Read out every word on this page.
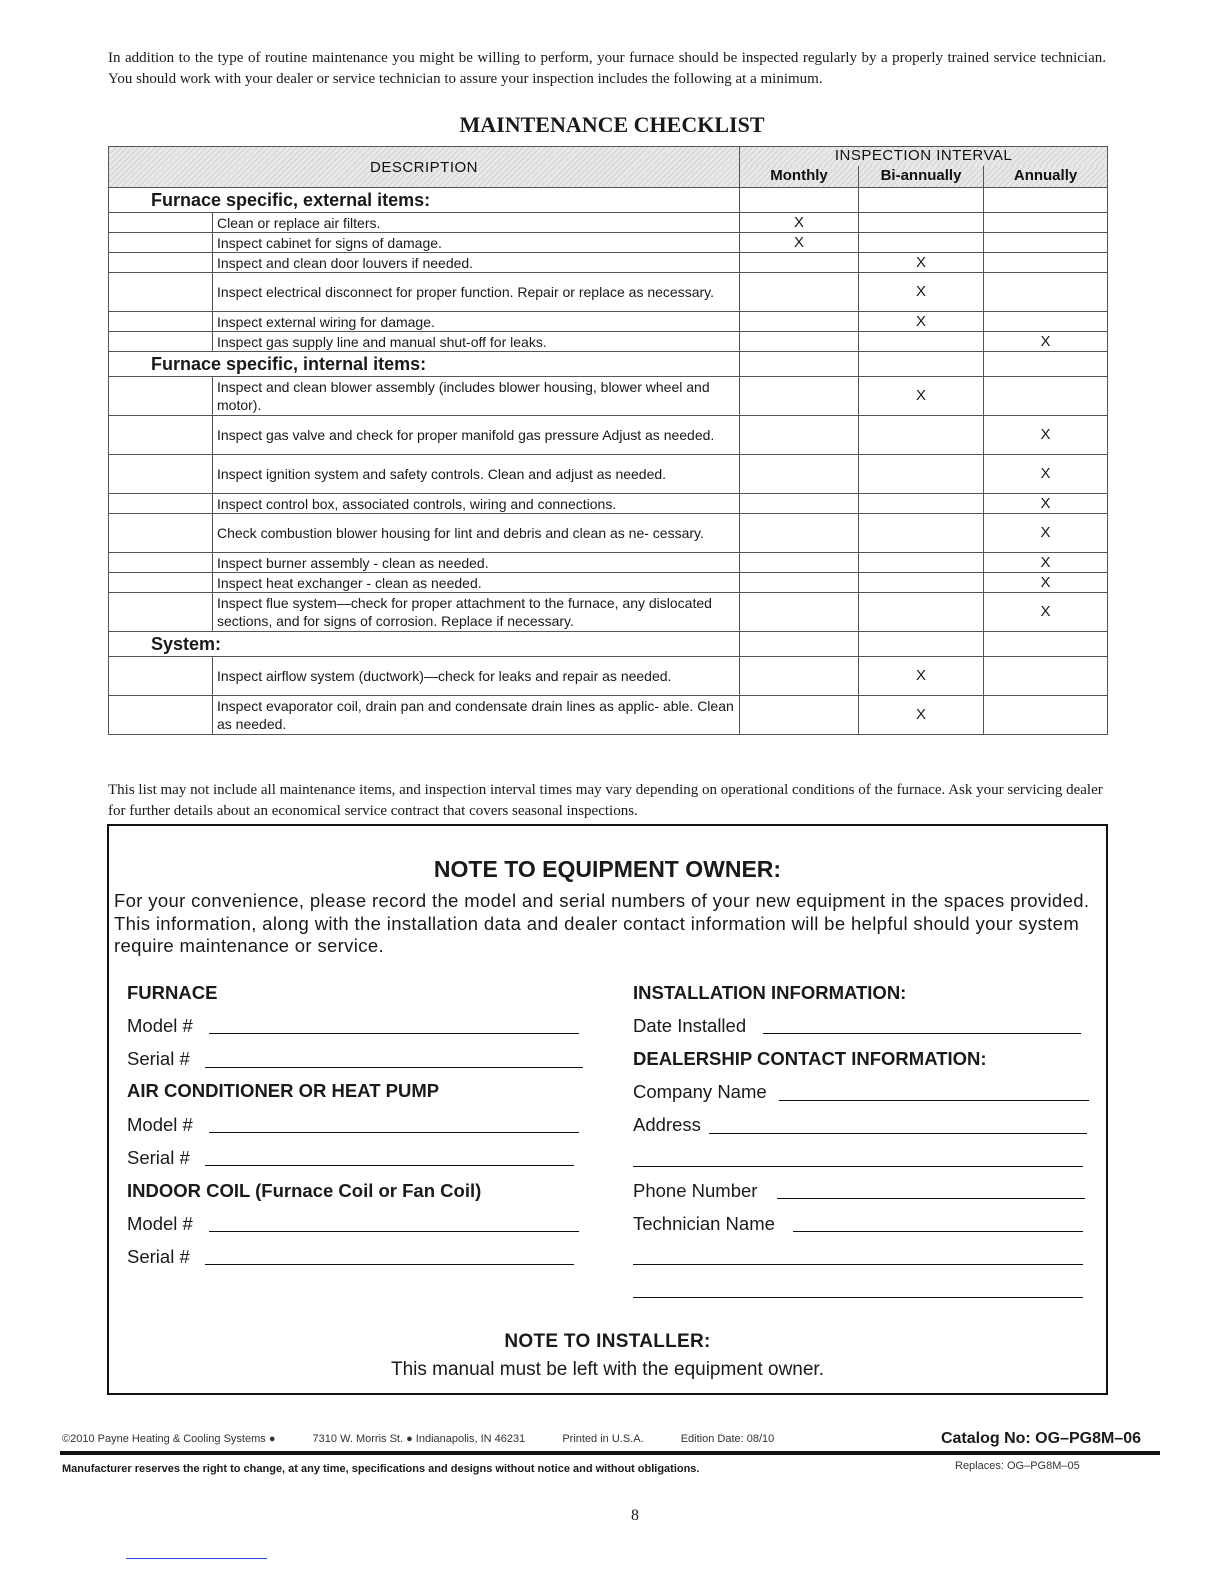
In addition to the type of routine maintenance you might be willing to perform, your furnace should be inspected regularly by a properly trained service technician. You should work with your dealer or service technician to assure your inspection includes the following at a minimum.
MAINTENANCE CHECKLIST
DESCRIPTION		INSPECTION INTERVAL		
		Monthly	Bi-annually	Annually
Furnace specific, external items:				
	Clean or replace air filters.	X		
	Inspect cabinet for signs of damage.	X		
	Inspect and clean door louvers if needed.		X	
	Inspect electrical disconnect for proper function. Repair or replace as necessary.		X	
	Inspect external wiring for damage.		X	
	Inspect gas supply line and manual shut-off for leaks.			X
Furnace specific, internal items:				
	Inspect and clean blower assembly (includes blower housing, blower wheel and motor).		X	
	Inspect gas valve and check for proper manifold gas pressure Adjust as needed.			X
	Inspect ignition system and safety controls. Clean and adjust as needed.			X
	Inspect control box, associated controls, wiring and connections.			X
	Check combustion blower housing for lint and debris and clean as ne- cessary.			X
	Inspect burner assembly - clean as needed.			X
	Inspect heat exchanger - clean as needed.			X
	Inspect flue system—check for proper attachment to the furnace, any dislocated sections, and for signs of corrosion. Replace if necessary.			X
System:				
	Inspect airflow system (ductwork)—check for leaks and repair as needed.		X	
	Inspect evaporator coil, drain pan and condensate drain lines as applic- able. Clean as needed.		X	
This list may not include all maintenance items, and inspection interval times may vary depending on operational conditions of the furnace. Ask your servicing dealer for further details about an economical service contract that covers seasonal inspections.
NOTE TO EQUIPMENT OWNER:
For your convenience, please record the model and serial numbers of your new equipment in the spaces provided. This information, along with the installation data and dealer contact information will be helpful should your system require maintenance or service.
FURNACE
Model #
Serial #
AIR CONDITIONER OR HEAT PUMP
Model #
Serial #
INDOOR COIL (Furnace Coil or Fan Coil)
Model #
Serial #
INSTALLATION INFORMATION:
Date Installed
DEALERSHIP CONTACT INFORMATION:
Company Name
Address
Phone Number
Technician Name
NOTE TO INSTALLER:
This manual must be left with the equipment owner.
©2010 Payne Heating & Cooling Systems ●	7310 W. Morris St. ● Indianapolis, IN 46231	Printed in U.S.A.	Edition Date: 08/10	Catalog No: OG–PG8M–06
Manufacturer reserves the right to change, at any time, specifications and designs without notice and without obligations.	Replaces: OG–PG8M–05
8
